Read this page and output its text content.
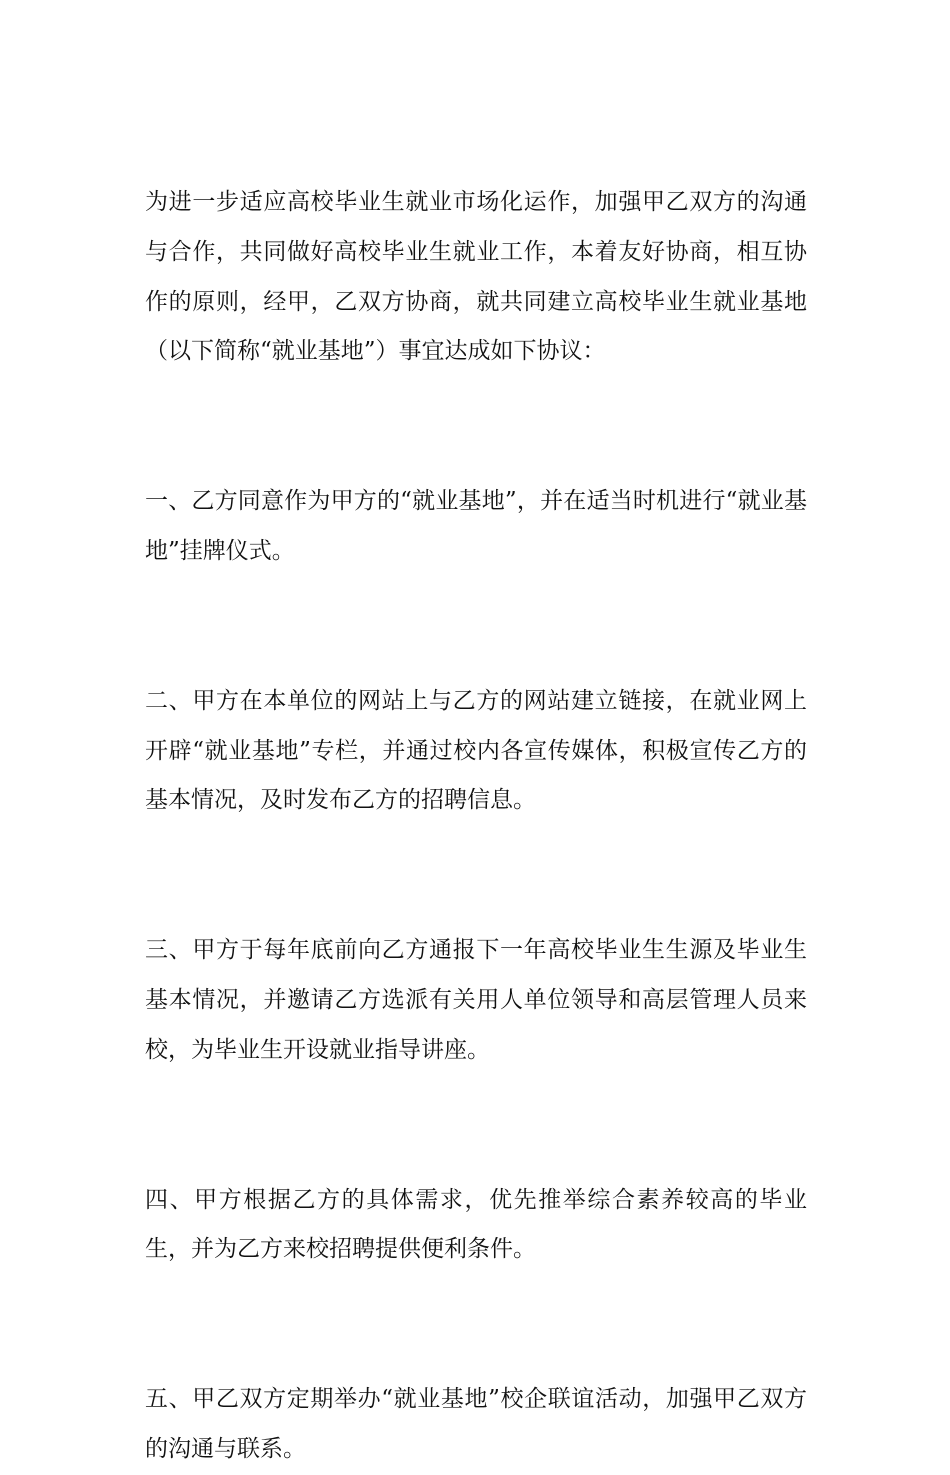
为进一步适应高校毕业生就业市场化运作，加强甲乙双方的沟通与合作，共同做好高校毕业生就业工作，本着友好协商，相互协作的原则，经甲，乙双方协商，就共同建立高校毕业生就业基地（以下简称“就业基地”）事宜达成如下协议：

一、乙方同意作为甲方的“就业基地”，并在适当时机进行“就业基地”挂牌仪式。

二、甲方在本单位的网站上与乙方的网站建立链接，在就业网上开辟“就业基地”专栏，并通过校内各宣传媒体，积极宣传乙方的基本情况，及时发布乙方的招聘信息。

三、甲方于每年底前向乙方通报下一年高校毕业生生源及毕业生基本情况，并邀请乙方选派有关用人单位领导和高层管理人员来校，为毕业生开设就业指导讲座。

四、甲方根据乙方的具体需求，优先推举综合素养较高的毕业生，并为乙方来校招聘提供便利条件。

五、甲乙双方定期举办“就业基地”校企联谊活动，加强甲乙双方的沟通与联系。
